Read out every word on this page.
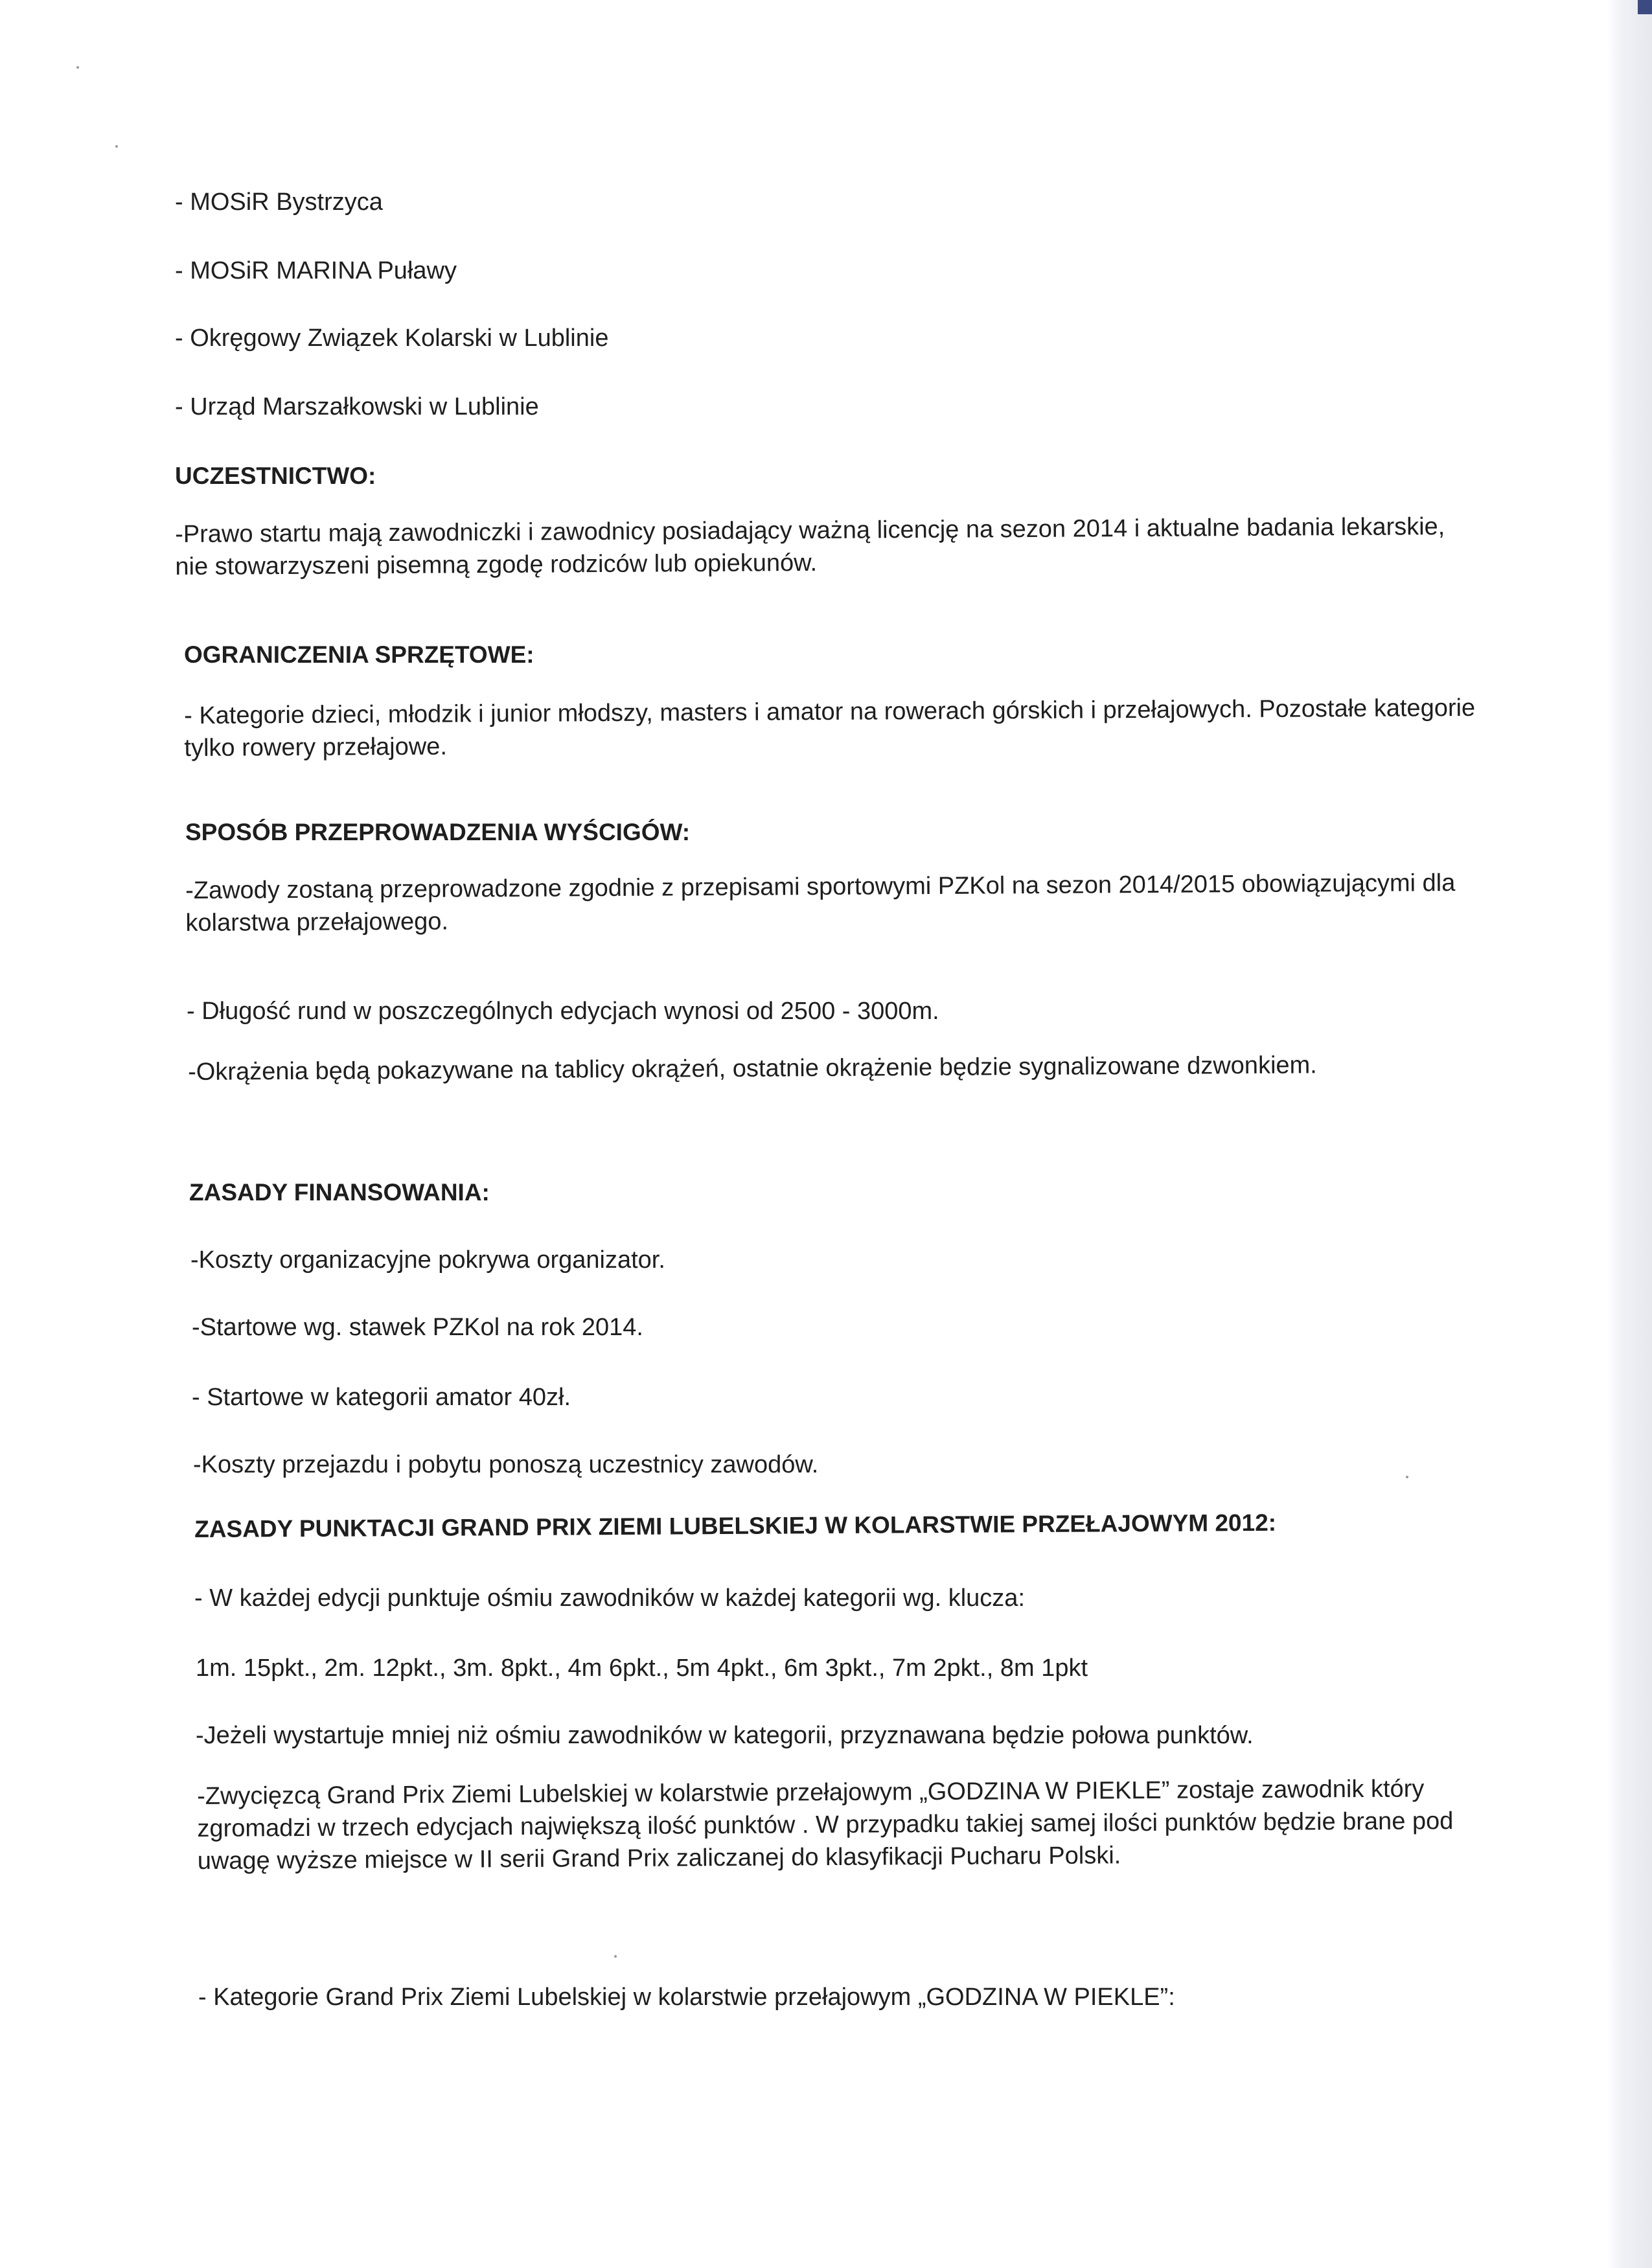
- MOSiR Bystrzyca

- MOSiR MARINA Puławy

- Okręgowy Związek Kolarski w Lublinie

- Urząd Marszałkowski w Lublinie

UCZESTNICTWO:

-Prawo startu mają zawodniczki i zawodnicy posiadający ważną licencję na sezon 2014 i aktualne badania lekarskie, nie stowarzyszeni pisemną zgodę rodziców lub opiekunów.

OGRANICZENIA SPRZĘTOWE:

- Kategorie dzieci, młodzik i junior młodszy, masters i amator na rowerach górskich i przełajowych. Pozostałe kategorie tylko rowery przełajowe.

SPOSÓB PRZEPROWADZENIA WYŚCIGÓW:

-Zawody zostaną przeprowadzone zgodnie z przepisami sportowymi PZKol na sezon 2014/2015 obowiązującymi dla kolarstwa przełajowego.

- Długość rund w poszczególnych edycjach wynosi od 2500 - 3000m.

-Okrążenia będą pokazywane na tablicy okrążeń, ostatnie okrążenie będzie sygnalizowane dzwonkiem.

ZASADY FINANSOWANIA:

-Koszty organizacyjne pokrywa organizator.

-Startowe wg. stawek PZKol na rok 2014.

- Startowe w kategorii amator 40zł.

-Koszty przejazdu i pobytu ponoszą uczestnicy zawodów.

ZASADY PUNKTACJI GRAND PRIX ZIEMI LUBELSKIEJ W KOLARSTWIE PRZEŁAJOWYM 2012:

- W każdej edycji punktuje ośmiu zawodników w każdej kategorii wg. klucza:

1m. 15pkt., 2m. 12pkt., 3m. 8pkt., 4m 6pkt., 5m 4pkt., 6m 3pkt., 7m 2pkt., 8m 1pkt

-Jeżeli wystartuje mniej niż ośmiu zawodników w kategorii, przyznawana będzie połowa punktów.

-Zwycięzcą Grand Prix Ziemi Lubelskiej w kolarstwie przełajowym „GODZINA W PIEKLE” zostaje zawodnik który zgromadzi w trzech edycjach największą ilość punktów . W przypadku takiej samej ilości punktów będzie brane pod uwagę wyższe miejsce w II serii Grand Prix zaliczanej do klasyfikacji Pucharu Polski.

- Kategorie Grand Prix Ziemi Lubelskiej w kolarstwie przełajowym „GODZINA W PIEKLE”:
